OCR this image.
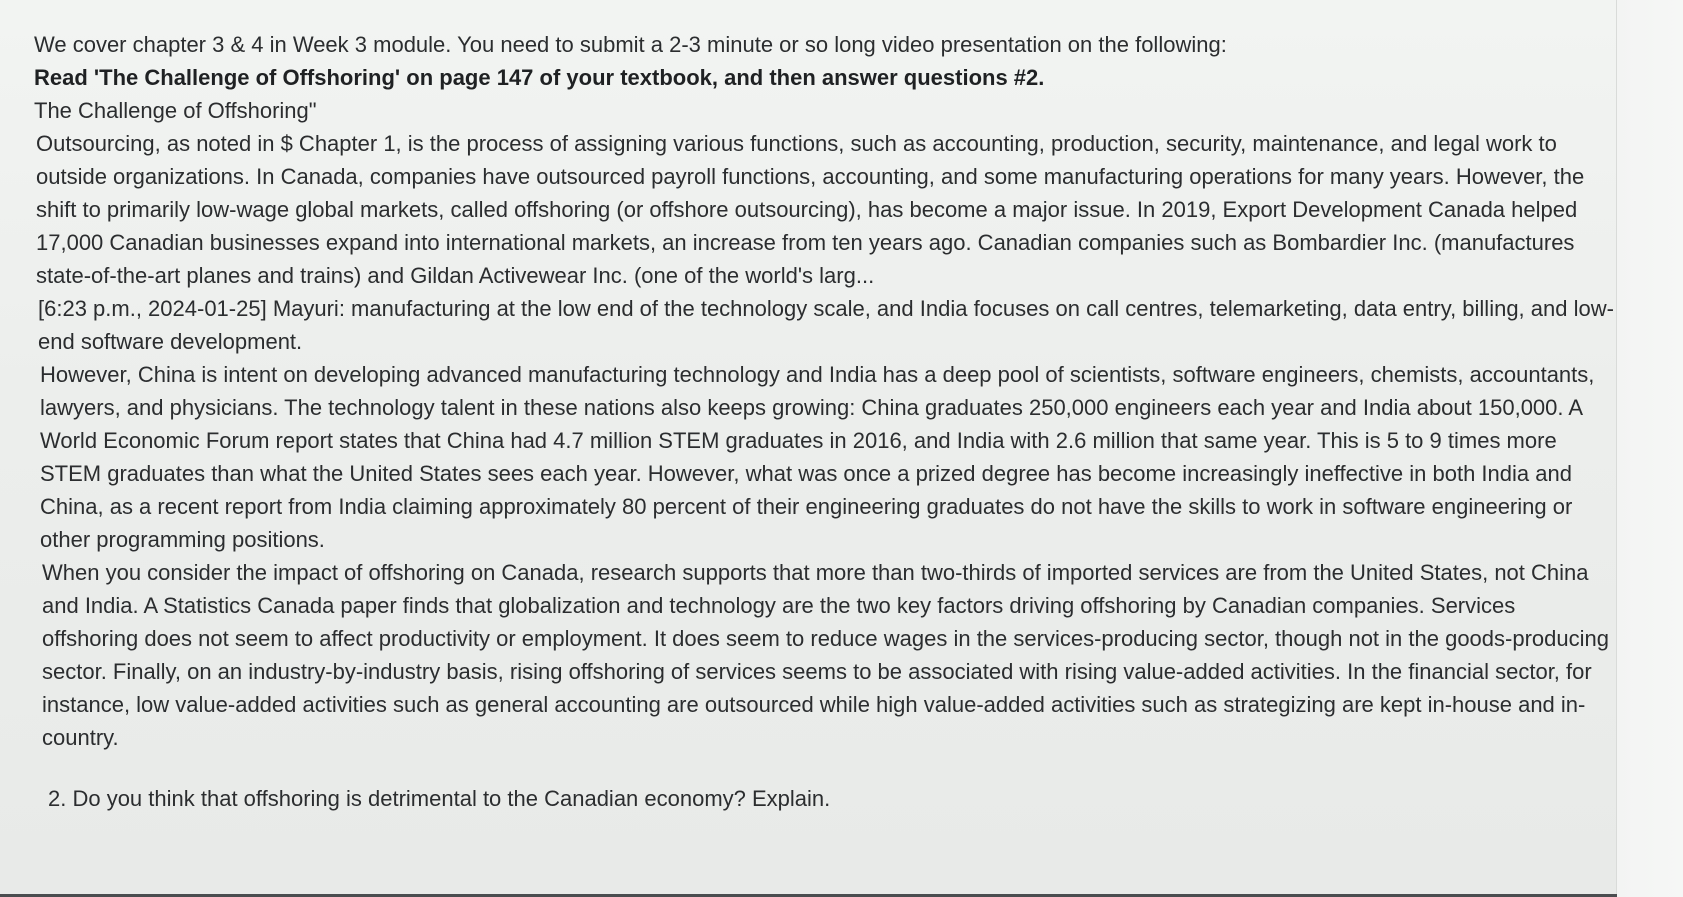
We cover chapter 3 & 4 in Week 3 module. You need to submit a 2-3 minute or so long video presentation on the following:

Read 'The Challenge of Offshoring' on page 147 of your textbook, and then answer questions #2.

The Challenge of Offshoring"

Outsourcing, as noted in $ Chapter 1, is the process of assigning various functions, such as accounting, production, security, maintenance, and legal work to outside organizations. In Canada, companies have outsourced payroll functions, accounting, and some manufacturing operations for many years. However, the shift to primarily low-wage global markets, called offshoring (or offshore outsourcing), has become a major issue. In 2019, Export Development Canada helped 17,000 Canadian businesses expand into international markets, an increase from ten years ago. Canadian companies such as Bombardier Inc. (manufactures state-of-the-art planes and trains) and Gildan Activewear Inc. (one of the world's larg...

[6:23 p.m., 2024-01-25] Mayuri: manufacturing at the low end of the technology scale, and India focuses on call centres, telemarketing, data entry, billing, and low-end software development.

However, China is intent on developing advanced manufacturing technology and India has a deep pool of scientists, software engineers, chemists, accountants, lawyers, and physicians. The technology talent in these nations also keeps growing: China graduates 250,000 engineers each year and India about 150,000. A World Economic Forum report states that China had 4.7 million STEM graduates in 2016, and India with 2.6 million that same year. This is 5 to 9 times more STEM graduates than what the United States sees each year. However, what was once a prized degree has become increasingly ineffective in both India and China, as a recent report from India claiming approximately 80 percent of their engineering graduates do not have the skills to work in software engineering or other programming positions.

When you consider the impact of offshoring on Canada, research supports that more than two-thirds of imported services are from the United States, not China and India. A Statistics Canada paper finds that globalization and technology are the two key factors driving offshoring by Canadian companies. Services offshoring does not seem to affect productivity or employment. It does seem to reduce wages in the services-producing sector, though not in the goods-producing sector. Finally, on an industry-by-industry basis, rising offshoring of services seems to be associated with rising value-added activities. In the financial sector, for instance, low value-added activities such as general accounting are outsourced while high value-added activities such as strategizing are kept in-house and in-country.

2. Do you think that offshoring is detrimental to the Canadian economy? Explain.
